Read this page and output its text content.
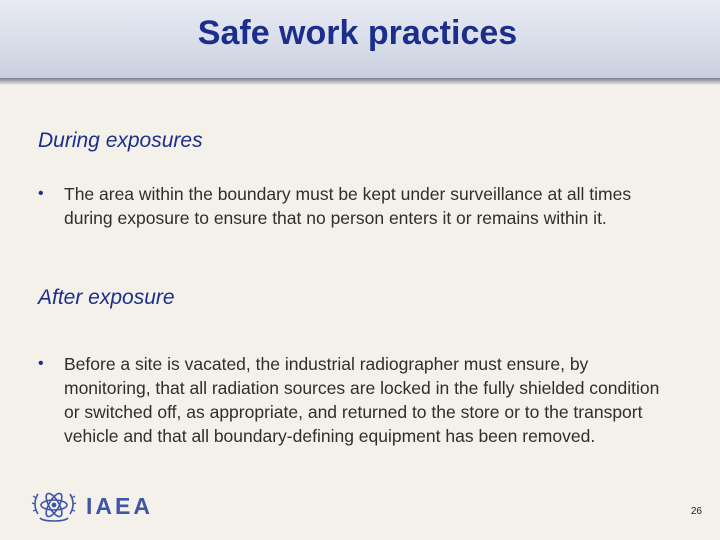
Safe work practices
During exposures
• The area within the boundary must be kept under surveillance at all times during exposure to ensure that no person enters it or remains within it.
After exposure
• Before a site is vacated, the industrial radiographer must ensure, by monitoring, that all radiation sources are locked in the fully shielded condition or switched off, as appropriate, and returned to the store or to the transport vehicle and that all boundary-defining equipment has been removed.
IAEA	26
